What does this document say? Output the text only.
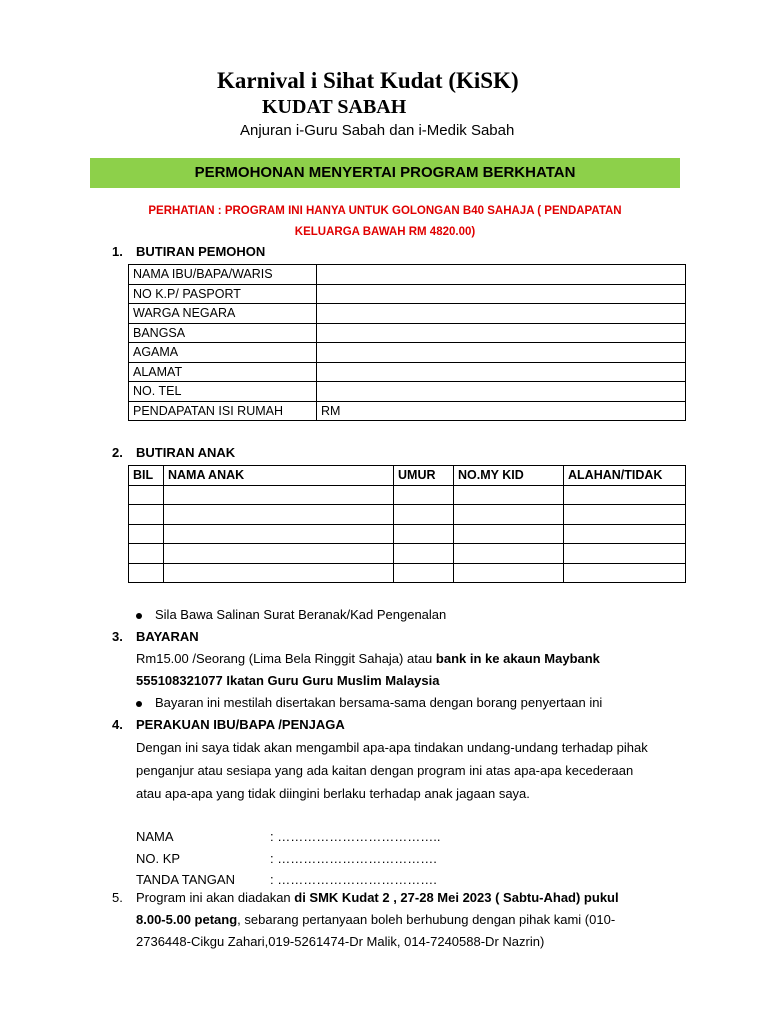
Karnival i Sihat Kudat (KiSK)
KUDAT SABAH
Anjuran i-Guru Sabah dan i-Medik Sabah
PERMOHONAN MENYERTAI PROGRAM BERKHATAN
PERHATIAN : PROGRAM INI HANYA UNTUK GOLONGAN B40 SAHAJA ( PENDAPATAN
KELUARGA BAWAH RM 4820.00)
1. BUTIRAN PEMOHON
NAMA IBU/BAPA/WARIS	
NO K.P/ PASPORT	
WARGA NEGARA	
BANGSA	
AGAMA	
ALAMAT	
NO. TEL	
PENDAPATAN ISI RUMAH	RM
2. BUTIRAN ANAK
BIL	NAMA ANAK	UMUR	NO.MY KID	ALAHAN/TIDAK

Sila Bawa Salinan Surat Beranak/Kad Pengenalan
3. BAYARAN
Rm15.00 /Seorang (Lima Bela Ringgit Sahaja) atau bank in ke akaun Maybank
555108321077 Ikatan Guru Guru Muslim Malaysia
Bayaran ini mestilah disertakan bersama-sama dengan borang penyertaan ini
4. PERAKUAN IBU/BAPA /PENJAGA
Dengan ini saya tidak akan mengambil apa-apa tindakan undang-undang terhadap pihak
penganjur atau sesiapa yang ada kaitan dengan program ini atas apa-apa kecederaan
atau apa-apa yang tidak diingini berlaku terhadap anak jagaan saya.
NAMA	: ………………………………..
NO. KP	: ……………………………….
TANDA TANGAN	: ……………………………….
5. Program ini akan diadakan di SMK Kudat 2 , 27-28 Mei 2023 ( Sabtu-Ahad) pukul
8.00-5.00 petang, sebarang pertanyaan boleh berhubung dengan pihak kami (010-
2736448-Cikgu Zahari,019-5261474-Dr Malik, 014-7240588-Dr Nazrin)
